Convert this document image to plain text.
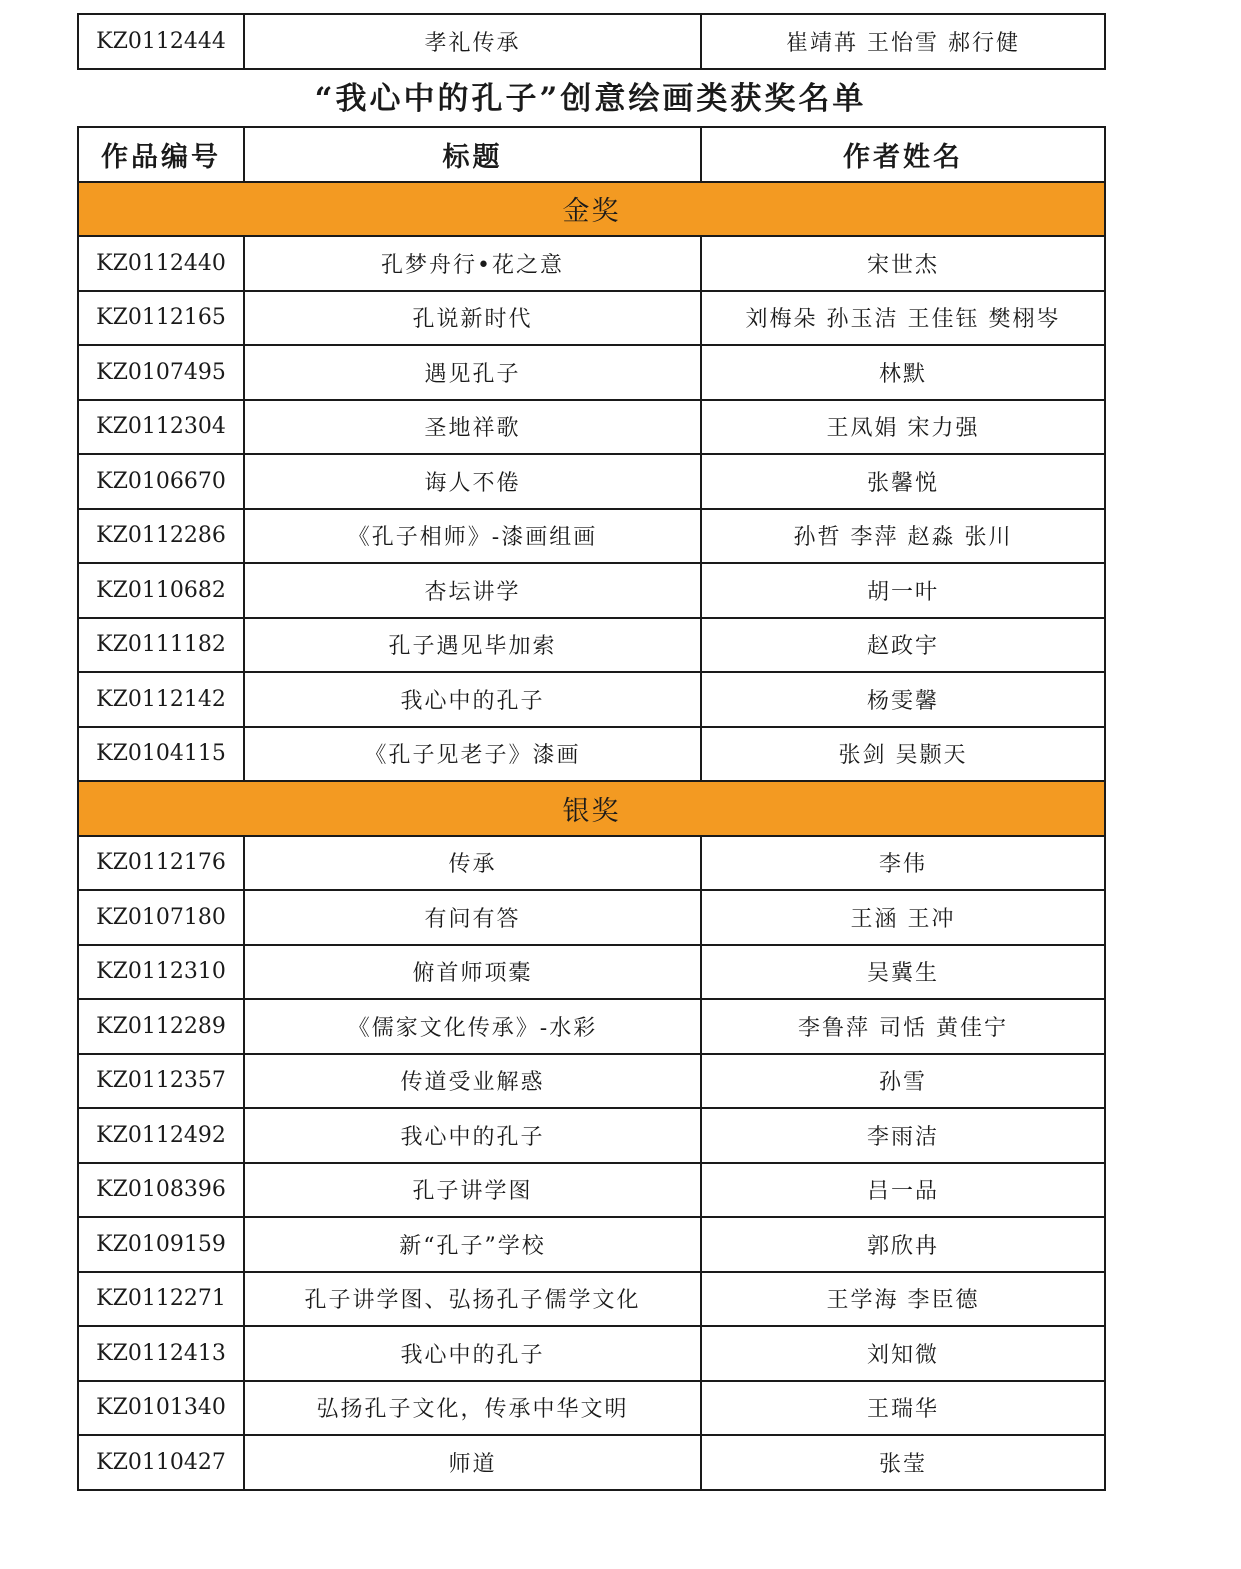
KZ0112444	孝礼传承	崔靖苒 王怡雪 郝行健
“我心中的孔子”创意绘画类获奖名单
作品编号	标题	作者姓名
金奖		
KZ0112440	孔梦舟行•花之意	宋世杰
KZ0112165	孔说新时代	刘梅朵 孙玉洁 王佳钰 樊栩岑
KZ0107495	遇见孔子	林默
KZ0112304	圣地祥歌	王凤娟 宋力强
KZ0106670	诲人不倦	张馨悦
KZ0112286	《孔子相师》-漆画组画	孙哲 李萍 赵淼 张川
KZ0110682	杏坛讲学	胡一叶
KZ0111182	孔子遇见毕加索	赵政宇
KZ0112142	我心中的孔子	杨雯馨
KZ0104115	《孔子见老子》漆画	张剑 吴颢天
银奖		
KZ0112176	传承	李伟
KZ0107180	有问有答	王涵 王冲
KZ0112310	俯首师项橐	吴冀生
KZ0112289	《儒家文化传承》-水彩	李鲁萍 司恬 黄佳宁
KZ0112357	传道受业解惑	孙雪
KZ0112492	我心中的孔子	李雨洁
KZ0108396	孔子讲学图	吕一品
KZ0109159	新“孔子”学校	郭欣冉
KZ0112271	孔子讲学图、弘扬孔子儒学文化	王学海 李臣德
KZ0112413	我心中的孔子	刘知微
KZ0101340	弘扬孔子文化，传承中华文明	王瑞华
KZ0110427	师道	张莹
